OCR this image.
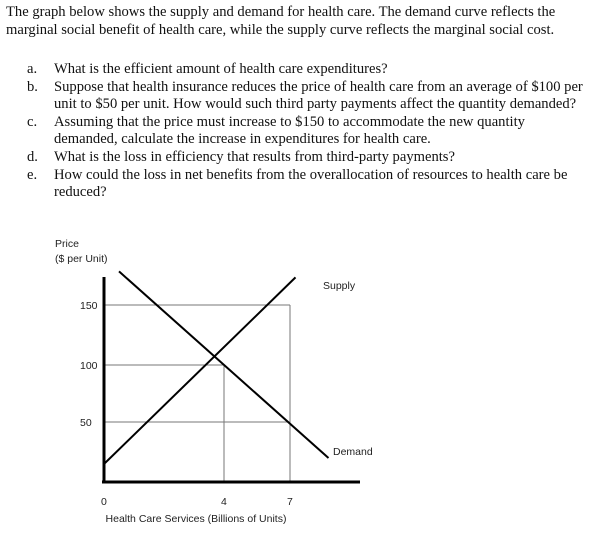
The graph below shows the supply and demand for health care. The demand curve reflects the marginal social benefit of health care, while the supply curve reflects the marginal social cost.
a.	What is the efficient amount of health care expenditures?
b.	Suppose that health insurance reduces the price of health care from an average of $100 per unit to $50 per unit. How would such third party payments affect the quantity demanded?
c.	Assuming that the price must increase to $150 to accommodate the new quantity demanded, calculate the increase in expenditures for health care.
d.	What is the loss in efficiency that results from third-party payments?
e.	How could the loss in net benefits from the overallocation of resources to health care be reduced?
Price
($ per Unit)
150
100
50
0	4	7
Supply
Demand
Health Care Services (Billions of Units)
